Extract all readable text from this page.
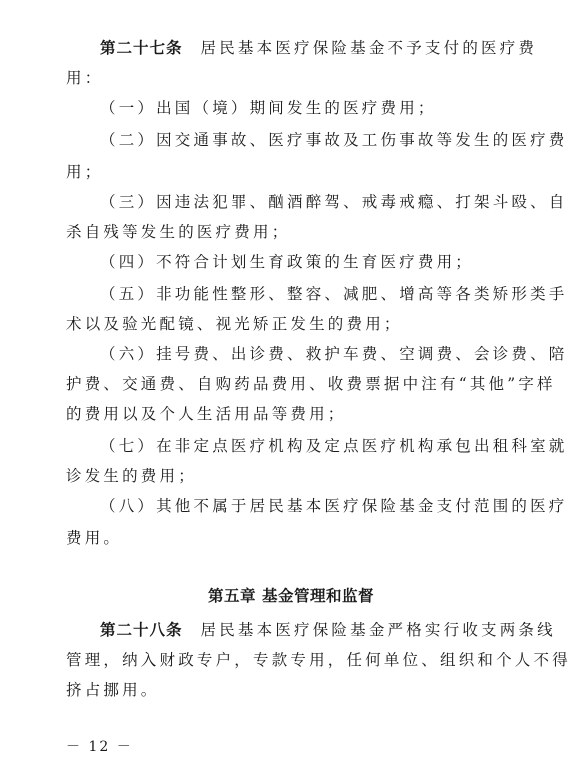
第二十七条 居民基本医疗保险基金不予支付的医疗费
用：
（一）出国（境）期间发生的医疗费用；
（二）因交通事故、医疗事故及工伤事故等发生的医疗费
用；
（三）因违法犯罪、酗酒醉驾、戒毒戒瘾、打架斗殴、自
杀自残等发生的医疗费用；
（四）不符合计划生育政策的生育医疗费用；
（五）非功能性整形、整容、减肥、增高等各类矫形类手
术以及验光配镜、视光矫正发生的费用；
（六）挂号费、出诊费、救护车费、空调费、会诊费、陪
护费、交通费、自购药品费用、收费票据中注有“其他”字样
的费用以及个人生活用品等费用；
（七）在非定点医疗机构及定点医疗机构承包出租科室就
诊发生的费用；
（八）其他不属于居民基本医疗保险基金支付范围的医疗
费用。
第五章 基金管理和监督
第二十八条 居民基本医疗保险基金严格实行收支两条线
管理，纳入财政专户，专款专用，任何单位、组织和个人不得
挤占挪用。
－ 12 －
